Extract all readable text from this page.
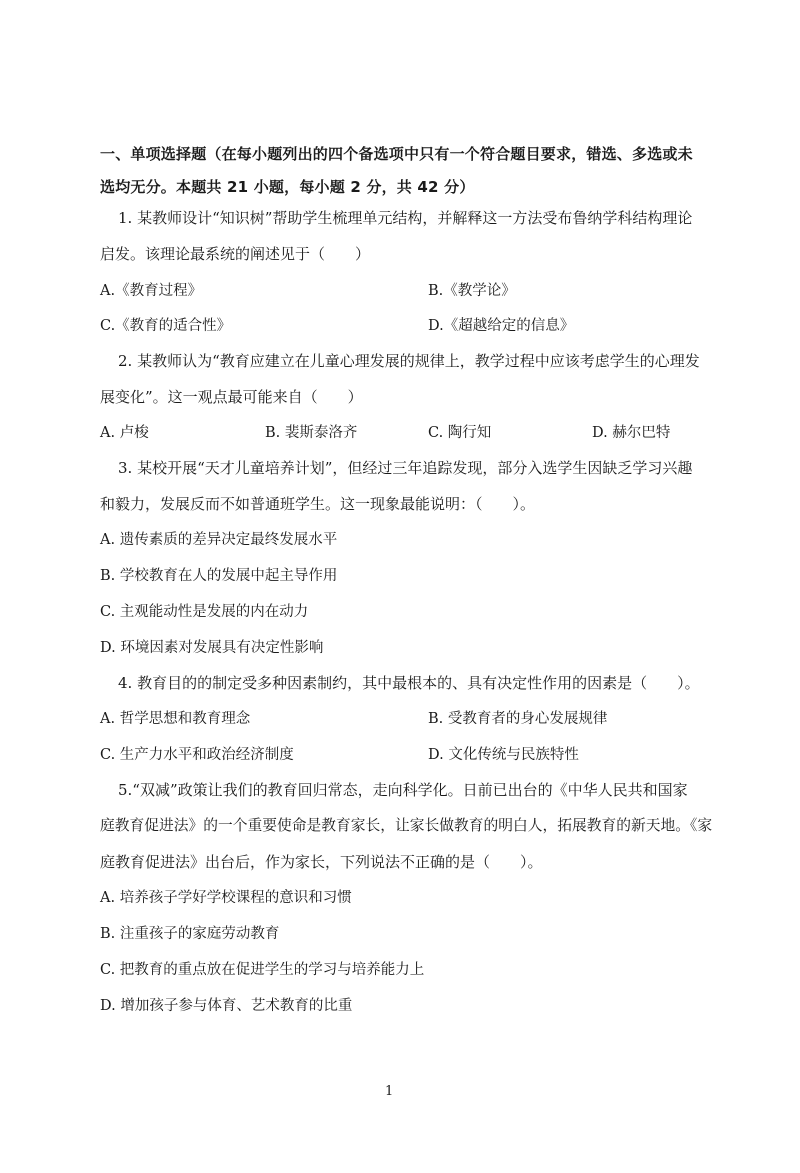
一、单项选择题（在每小题列出的四个备选项中只有一个符合题目要求，错选、多选或未
选均无分。本题共 21 小题，每小题 2 分，共 42 分）
1. 某教师设计“知识树”帮助学生梳理单元结构，并解释这一方法受布鲁纳学科结构理论
启发。该理论最系统的阐述见于（　　）
A.《教育过程》	B.《教学论》
C.《教育的适合性》	D.《超越给定的信息》
2. 某教师认为“教育应建立在儿童心理发展的规律上，教学过程中应该考虑学生的心理发
展变化”。这一观点最可能来自（　　）
A. 卢梭	B. 裴斯泰洛齐	C. 陶行知	D. 赫尔巴特
3. 某校开展“天才儿童培养计划”，但经过三年追踪发现，部分入选学生因缺乏学习兴趣
和毅力，发展反而不如普通班学生。这一现象最能说明：（　　）。
A. 遗传素质的差异决定最终发展水平
B. 学校教育在人的发展中起主导作用
C. 主观能动性是发展的内在动力
D. 环境因素对发展具有决定性影响
4. 教育目的的制定受多种因素制约，其中最根本的、具有决定性作用的因素是（　　）。
A. 哲学思想和教育理念	B. 受教育者的身心发展规律
C. 生产力水平和政治经济制度	D. 文化传统与民族特性
5.“双减”政策让我们的教育回归常态，走向科学化。日前已出台的《中华人民共和国家
庭教育促进法》的一个重要使命是教育家长，让家长做教育的明白人，拓展教育的新天地。《家
庭教育促进法》出台后，作为家长，下列说法不正确的是（　　）。
A. 培养孩子学好学校课程的意识和习惯
B. 注重孩子的家庭劳动教育
C. 把教育的重点放在促进学生的学习与培养能力上
D. 增加孩子参与体育、艺术教育的比重
1
